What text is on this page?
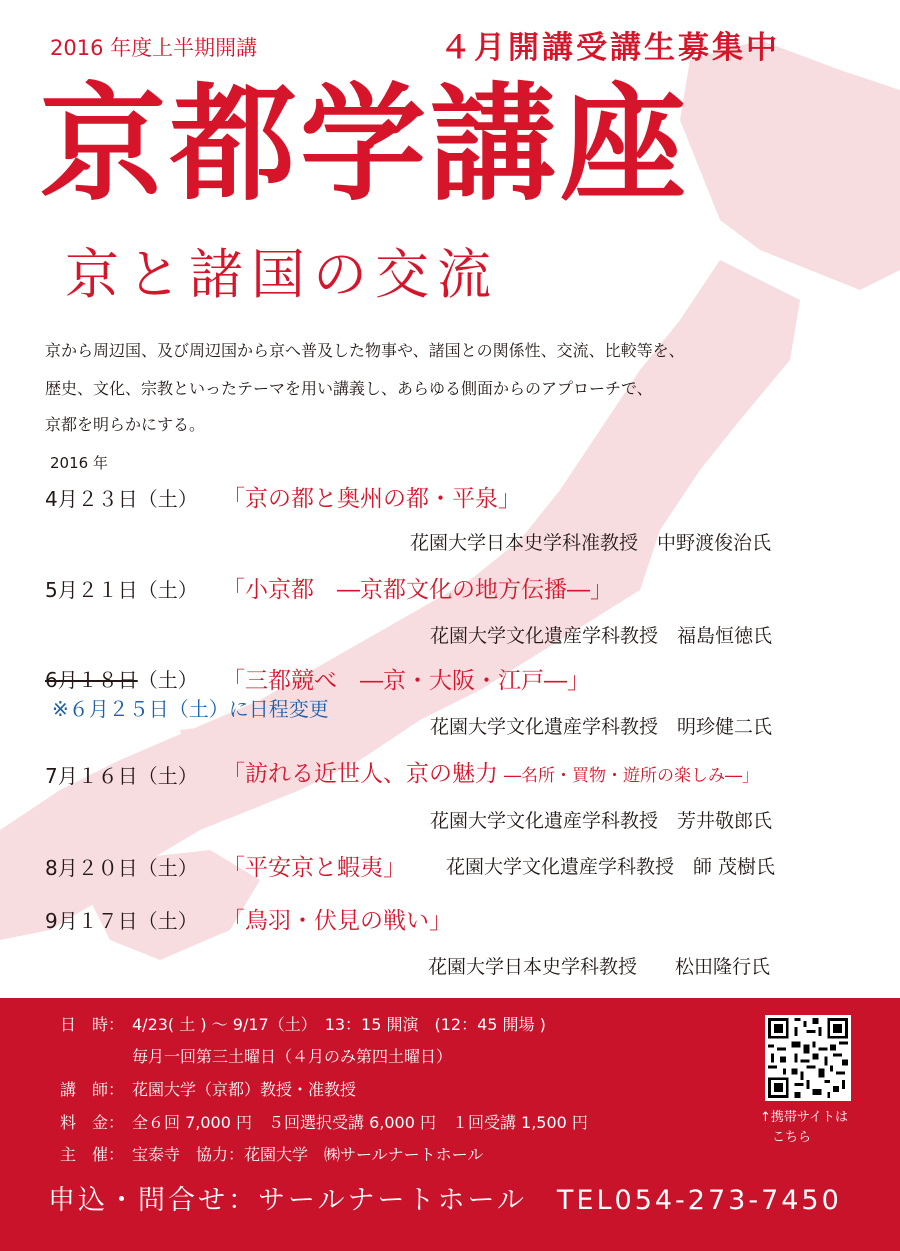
2016 年度上半期開講	４月開講受講生募集中
京都学講座
京と諸国の交流
京から周辺国、及び周辺国から京へ普及した物事や、諸国との関係性、交流、比較等を、
歴史、文化、宗教といったテーマを用い講義し、あらゆる側面からのアプローチで、
京都を明らかにする。
2016 年
4月２３日（土） 「京の都と奥州の都・平泉」
花園大学日本史学科准教授　中野渡俊治氏
5月２１日（土） 「小京都　―京都文化の地方伝播―」
花園大学文化遺産学科教授　福島恒徳氏
6月１８日（土） 「三都競べ　―京・大阪・江戸―」
※６月２５日（土）に日程変更
花園大学文化遺産学科教授　明珍健二氏
7月１６日（土） 「訪れる近世人、京の魅力 ―名所・買物・遊所の楽しみ―」
花園大学文化遺産学科教授　芳井敬郎氏
8月２０日（土） 「平安京と蝦夷」 花園大学文化遺産学科教授　師 茂樹氏
9月１７日（土） 「鳥羽・伏見の戦い」
花園大学日本史学科教授　　松田隆行氏
日　時： 4/23( 土 ) ～ 9/17（土）　13：15 開演　(12：45 開場 )
毎月一回第三土曜日（４月のみ第四土曜日）
講　師： 花園大学（京都）教授・准教授
料　金： 全６回 7,000 円　５回選択受講 6,000 円　１回受講 1,500 円
主　催： 宝泰寺　協力：花園大学　㈱サールナートホール
↑携帯サイトは
こちら
申込・問合せ：サールナートホール　TEL054-273-7450
